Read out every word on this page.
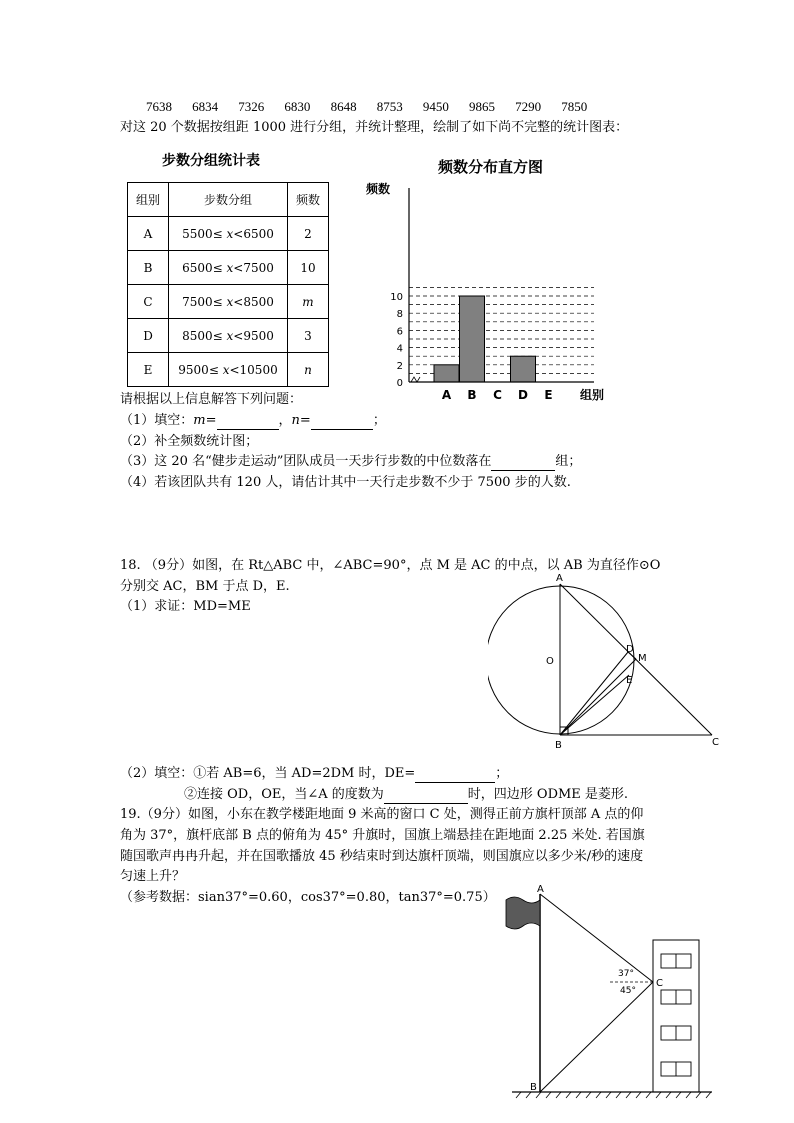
7638 6834 7326 6830 8648 8753 9450 9865 7290 7850
对这 20 个数据按组距 1000 进行分组，并统计整理，绘制了如下尚不完整的统计图表：
步数分组统计表
组别	步数分组	频数
A	5500≤ x<6500	2
B	6500≤ x<7500	10
C	7500≤ x<8500	m
D	8500≤ x<9500	3
E	9500≤ x<10500	n
频数分布直方图
频数
组别
0
2
4
6
8
10
A B C D E
请根据以上信息解答下列问题：
（1）填空：m=	，n=	；
（2）补全频数统计图；
（3）这 20 名“健步走运动”团队成员一天步行步数的中位数落在	组；
（4）若该团队共有 120 人，请估计其中一天行走步数不少于 7500 步的人数.
18. （9分）如图，在 Rt△ABC 中，∠ABC=90°，点 M 是 AC 的中点，以 AB 为直径作⊙O
分别交 AC，BM 于点 D，E.
（1）求证：MD=ME
A
O
D
M
E
B	C
（2）填空：①若 AB=6，当 AD=2DM 时，DE=	；
②连接 OD，OE，当∠A 的度数为	时，四边形 ODME 是菱形.
19.（9分）如图，小东在教学楼距地面 9 米高的窗口 C 处，测得正前方旗杆顶部 A 点的仰
角为 37°，旗杆底部 B 点的俯角为 45° 升旗时，国旗上端悬挂在距地面 2.25 米处. 若国旗
随国歌声冉冉升起，并在国歌播放 45 秒结束时到达旗杆顶端，则国旗应以多少米/秒的速度
匀速上升？
（参考数据：sian37°=0.60，cos37°=0.80，tan37°=0.75）
37°
45°
C
A
B
